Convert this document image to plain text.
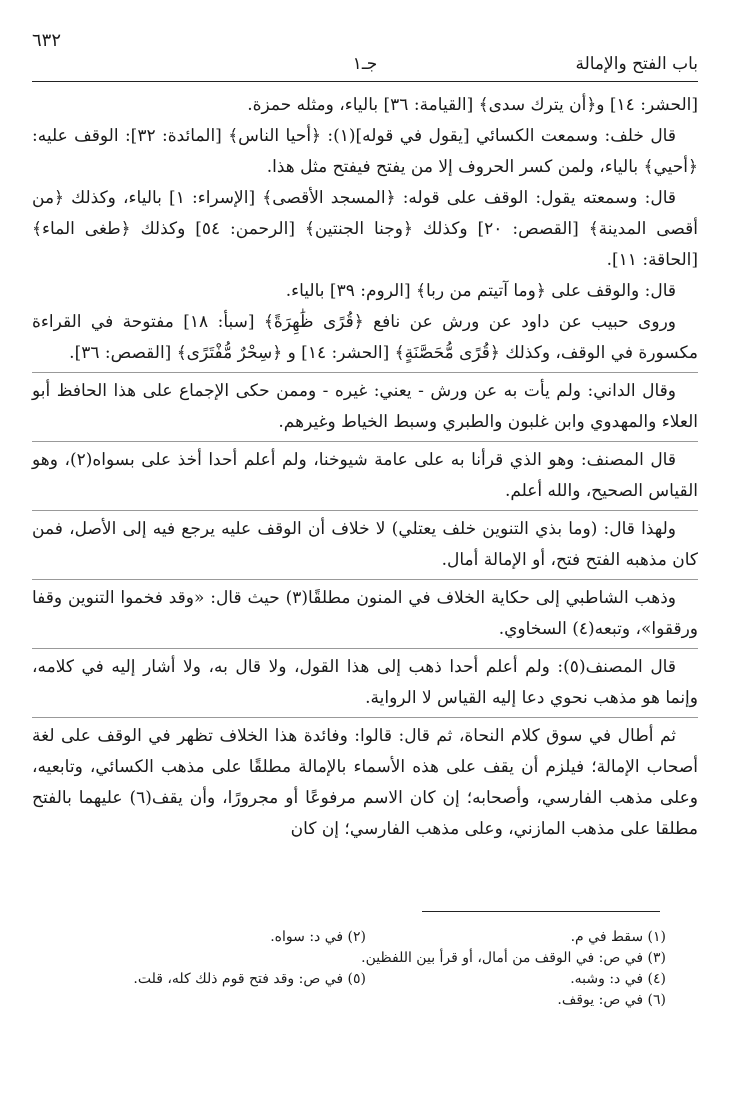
باب الفتح والإمالة
جـ١
٦٣٢

[الحشر: ١٤] و﴿أن يترك سدى﴾ [القيامة: ٣٦] بالياء، ومثله حمزة.

قال خلف: وسمعت الكسائي [يقول في قوله](١): ﴿أحيا الناس﴾ [المائدة: ٣٢]: الوقف عليه: ﴿أحيي﴾ بالياء، ولمن كسر الحروف إلا من يفتح فيفتح مثل هذا.

قال: وسمعته يقول: الوقف على قوله: ﴿المسجد الأقصى﴾ [الإسراء: ١] بالياء، وكذلك ﴿من أقصى المدينة﴾ [القصص: ٢٠] وكذلك ﴿وجنا الجنتين﴾ [الرحمن: ٥٤] وكذلك ﴿طغى الماء﴾ [الحاقة: ١١].

قال: والوقف على ﴿وما آتيتم من ربا﴾ [الروم: ٣٩] بالياء.

وروى حبيب عن داود عن ورش عن نافع ﴿قُرًى ظَٰهِرَةً﴾ [سبأ: ١٨] مفتوحة في القراءة مكسورة في الوقف، وكذلك ﴿قُرًى مُّحَصَّنَةٍ﴾ [الحشر: ١٤] و ﴿سِحْرٌ مُّفْتَرًى﴾ [القصص: ٣٦].

وقال الداني: ولم يأت به عن ورش - يعني: غيره - وممن حكى الإجماع على هذا الحافظ أبو العلاء والمهدوي وابن غلبون والطبري وسبط الخياط وغيرهم.

قال المصنف: وهو الذي قرأنا به على عامة شيوخنا، ولم أعلم أحدا أخذ على بسواه(٢)، وهو القياس الصحيح، والله أعلم.

ولهذا قال: (وما بذي التنوين خلف يعتلي) لا خلاف أن الوقف عليه يرجع فيه إلى الأصل، فمن كان مذهبه الفتح فتح، أو الإمالة أمال.

وذهب الشاطبي إلى حكاية الخلاف في المنون مطلقًا(٣) حيث قال: «وقد فخموا التنوين وقفا ورققوا»، وتبعه(٤) السخاوي.

قال المصنف(٥): ولم أعلم أحدا ذهب إلى هذا القول، ولا قال به، ولا أشار إليه في كلامه، وإنما هو مذهب نحوي دعا إليه القياس لا الرواية.

ثم أطال في سوق كلام النحاة، ثم قال: قالوا: وفائدة هذا الخلاف تظهر في الوقف على لغة أصحاب الإمالة؛ فيلزم أن يقف على هذه الأسماء بالإمالة مطلقًا على مذهب الكسائي، وتابعيه، وعلى مذهب الفارسي، وأصحابه؛ إن كان الاسم مرفوعًا أو مجرورًا، وأن يقف(٦) عليهما بالفتح مطلقا على مذهب المازني، وعلى مذهب الفارسي؛ إن كان

(١) سقط في م.
(٢) في د: سواه.
(٣) في ص: في الوقف من أمال، أو قرأ بين اللفظين.
(٤) في د: وشبه.
(٥) في ص: وقد فتح قوم ذلك كله، قلت.
(٦) في ص: يوقف.
